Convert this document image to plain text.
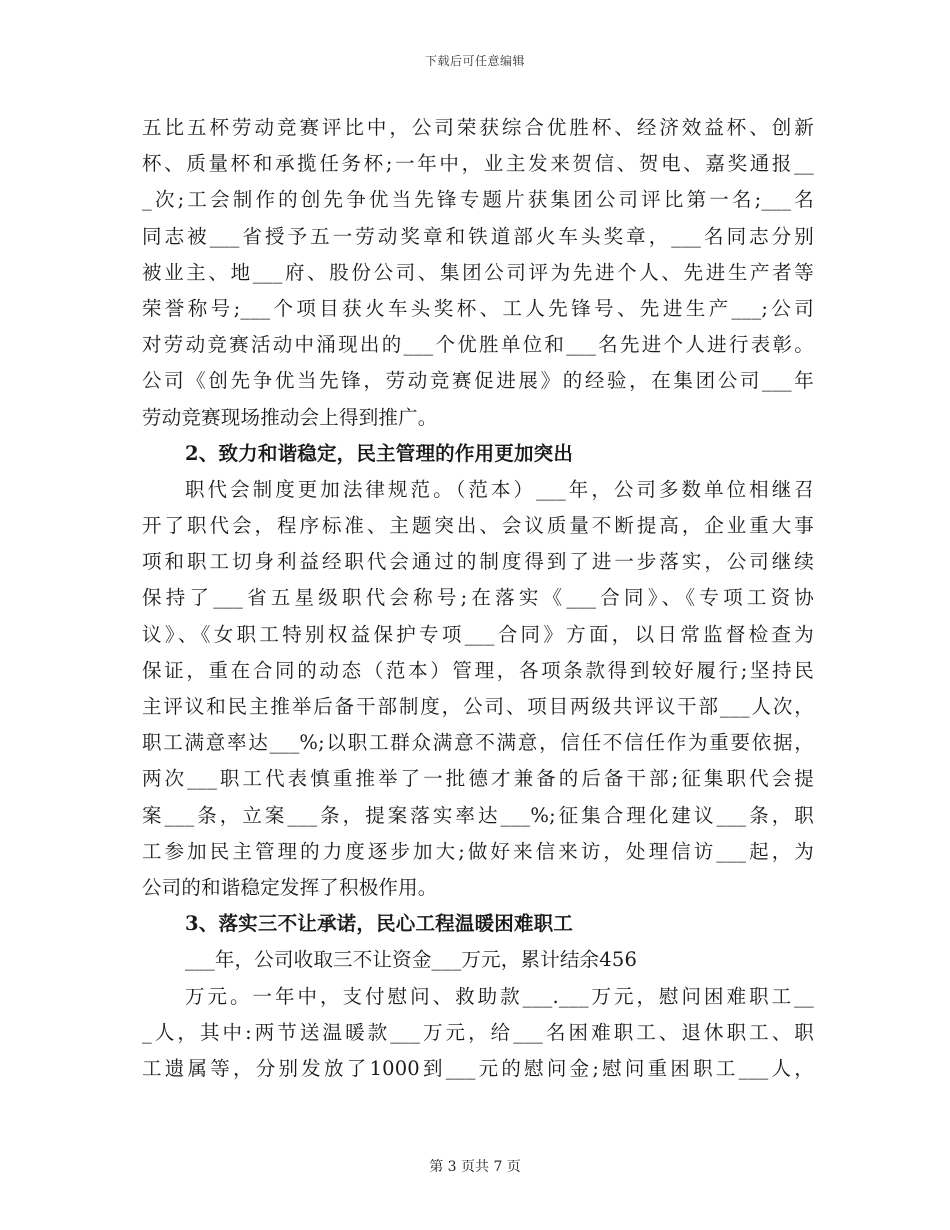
下载后可任意编辑
五比五杯劳动竞赛评比中，公司荣获综合优胜杯、经济效益杯、创新
杯、质量杯和承揽任务杯;一年中，业主发来贺信、贺电、嘉奖通报__
_次;工会制作的创先争优当先锋专题片获集团公司评比第一名;___名
同志被___省授予五一劳动奖章和铁道部火车头奖章，___名同志分别
被业主、地___府、股份公司、集团公司评为先进个人、先进生产者等
荣誉称号;___个项目获火车头奖杯、工人先锋号、先进生产___;公司
对劳动竞赛活动中涌现出的___个优胜单位和___名先进个人进行表彰。
公司《创先争优当先锋，劳动竞赛促进展》的经验，在集团公司___年
劳动竞赛现场推动会上得到推广。
2、致力和谐稳定，民主管理的作用更加突出
职代会制度更加法律规范。（范本）___年，公司多数单位相继召
开了职代会，程序标准、主题突出、会议质量不断提高，企业重大事
项和职工切身利益经职代会通过的制度得到了进一步落实，公司继续
保持了___省五星级职代会称号;在落实《___合同》、《专项工资协
议》、《女职工特别权益保护专项___合同》方面，以日常监督检查为
保证，重在合同的动态（范本）管理，各项条款得到较好履行;坚持民
主评议和民主推举后备干部制度，公司、项目两级共评议干部___人次，
职工满意率达___%;以职工群众满意不满意，信任不信任作为重要依据，
两次___职工代表慎重推举了一批德才兼备的后备干部;征集职代会提
案___条，立案___条，提案落实率达___%;征集合理化建议___条，职
工参加民主管理的力度逐步加大;做好来信来访，处理信访___起，为
公司的和谐稳定发挥了积极作用。
3、落实三不让承诺，民心工程温暖困难职工
___年，公司收取三不让资金___万元，累计结余456
万元。一年中，支付慰问、救助款___.___万元，慰问困难职工__
_人，其中:两节送温暖款___万元，给___名困难职工、退休职工、职
工遗属等，分别发放了1000到___元的慰问金;慰问重困职工___人，
第 3 页共 7 页
